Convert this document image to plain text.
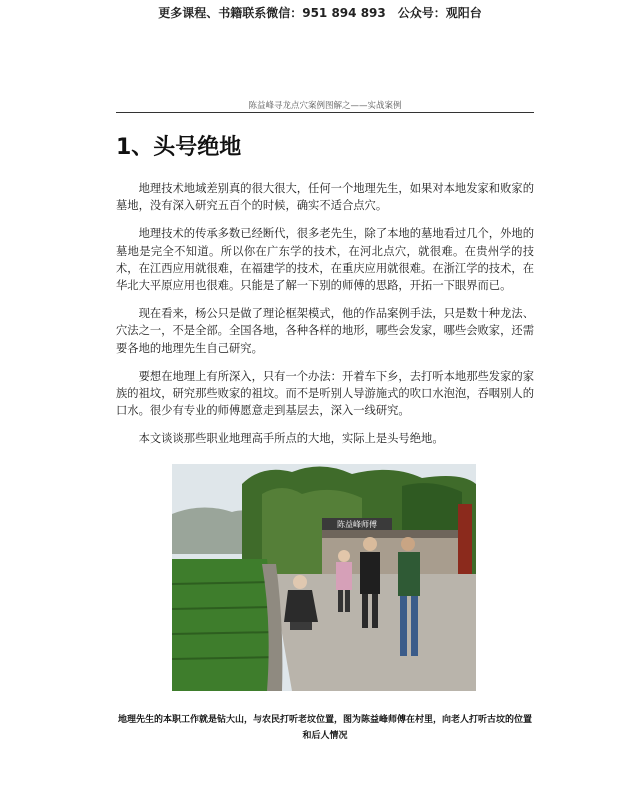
更多课程、书籍联系微信：951 894 893　公众号：观阳台
陈益峰寻龙点穴案例图解之——实战案例
1、头号绝地

地理技术地域差别真的很大很大，任何一个地理先生，如果对本地发家和败家的墓地，没有深入研究五百个的时候，确实不适合点穴。

地理技术的传承多数已经断代，很多老先生，除了本地的墓地看过几个，外地的墓地是完全不知道。所以你在广东学的技术，在河北点穴，就很难。在贵州学的技术，在江西应用就很难，在福建学的技术，在重庆应用就很难。在浙江学的技术，在华北大平原应用也很难。只能是了解一下别的师傅的思路，开拓一下眼界而已。

现在看来，杨公只是做了理论框架模式，他的作品案例手法，只是数十种龙法、穴法之一，不是全部。全国各地，各种各样的地形，哪些会发家，哪些会败家，还需要各地的地理先生自己研究。

要想在地理上有所深入，只有一个办法：开着车下乡，去打听本地那些发家的家族的祖坟，研究那些败家的祖坟。而不是听别人导游施式的吹口水泡泡，吞咽别人的口水。很少有专业的师傅愿意走到基层去，深入一线研究。

本文谈谈那些职业地理高手所点的大地，实际上是头号绝地。

陈益峰师傅
地理先生的本职工作就是钻大山，与农民打听老坟位置，图为陈益峰师傅在村里，向老人打听古坟的位置
和后人情况
